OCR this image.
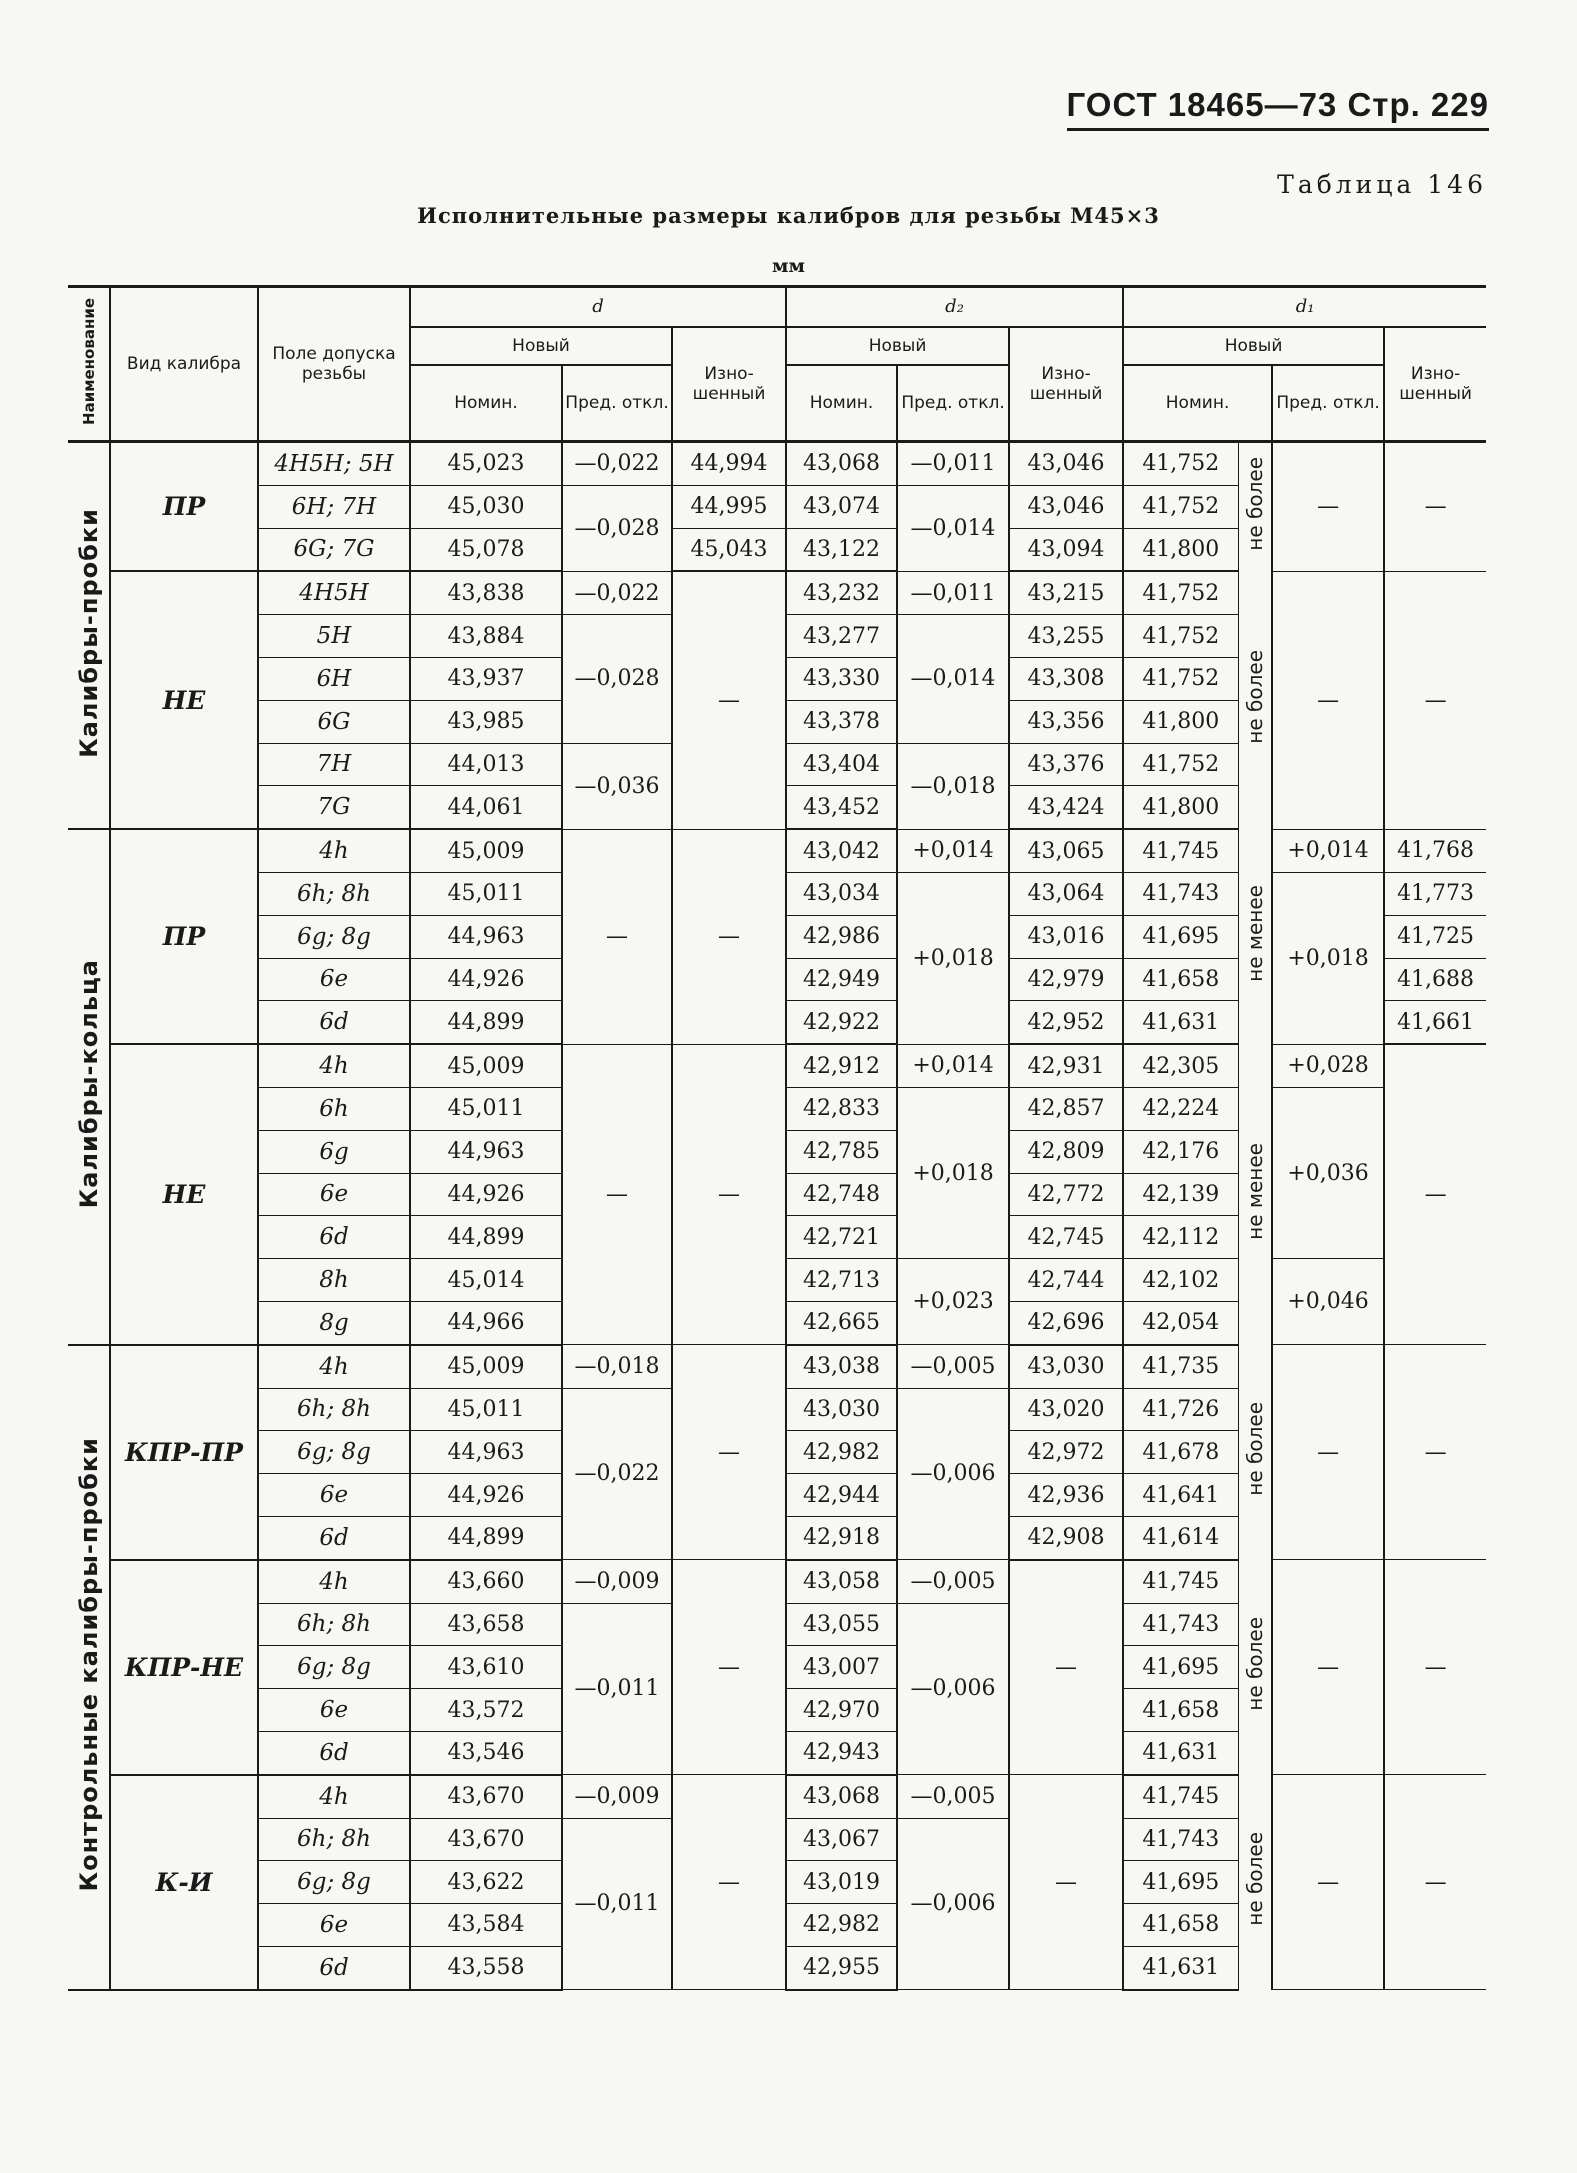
ГОСТ 18465—73 Стр. 229
Таблица 146
Исполнительные размеры калибров для резьбы M45×3
мм
Наименование	Вид калибра	Поле допуска резьбы	d			d₂			d₁			
			Новый		Изно-шенный	Новый		Изно-шенный	Новый			Изно-шенный
			Номин.	Пред. откл.		Номин.	Пред. откл.		Номин.		Пред. откл.	
Калибры-пробки	ПР	4H5H; 5H	45,023	—0,022	44,994	43,068	—0,011	43,046	41,752	не более	—	—
		6H; 7H	45,030	—0,028	44,995	43,074	—0,014	43,046	41,752			
		6G; 7G	45,078		45,043	43,122		43,094	41,800			
	НЕ	4H5H	43,838	—0,022	—	43,232	—0,011	43,215	41,752	не более	—	—
		5H	43,884	—0,028		43,277	—0,014	43,255	41,752			
		6H	43,937			43,330		43,308	41,752			
		6G	43,985			43,378		43,356	41,800			
		7H	44,013	—0,036		43,404	—0,018	43,376	41,752			
		7G	44,061			43,452		43,424	41,800			
Калибры-кольца	ПР	4h	45,009	—	—	43,042	+0,014	43,065	41,745	не менее	+0,014	41,768
		6h; 8h	45,011			43,034	+0,018	43,064	41,743		+0,018	41,773
		6g; 8g	44,963			42,986		43,016	41,695			41,725
		6e	44,926			42,949		42,979	41,658			41,688
		6d	44,899			42,922		42,952	41,631			41,661
	НЕ	4h	45,009	—	—	42,912	+0,014	42,931	42,305	не менее	+0,028	—
		6h	45,011			42,833	+0,018	42,857	42,224		+0,036	
		6g	44,963			42,785		42,809	42,176			
		6e	44,926			42,748		42,772	42,139			
		6d	44,899			42,721		42,745	42,112			
		8h	45,014			42,713	+0,023	42,744	42,102		+0,046	
		8g	44,966			42,665		42,696	42,054			
Контрольные калибры-пробки	КПР-ПР	4h	45,009	—0,018	—	43,038	—0,005	43,030	41,735	не более	—	—
		6h; 8h	45,011	—0,022		43,030	—0,006	43,020	41,726			
		6g; 8g	44,963			42,982		42,972	41,678			
		6e	44,926			42,944		42,936	41,641			
		6d	44,899			42,918		42,908	41,614			
	КПР-НЕ	4h	43,660	—0,009	—	43,058	—0,005	—	41,745	не более	—	—
		6h; 8h	43,658	—0,011		43,055	—0,006		41,743			
		6g; 8g	43,610			43,007			41,695			
		6e	43,572			42,970			41,658			
		6d	43,546			42,943			41,631			
	К-И	4h	43,670	—0,009	—	43,068	—0,005	—	41,745	не более	—	—
		6h; 8h	43,670	—0,011		43,067	—0,006		41,743			
		6g; 8g	43,622			43,019			41,695			
		6e	43,584			42,982			41,658			
		6d	43,558			42,955			41,631			
